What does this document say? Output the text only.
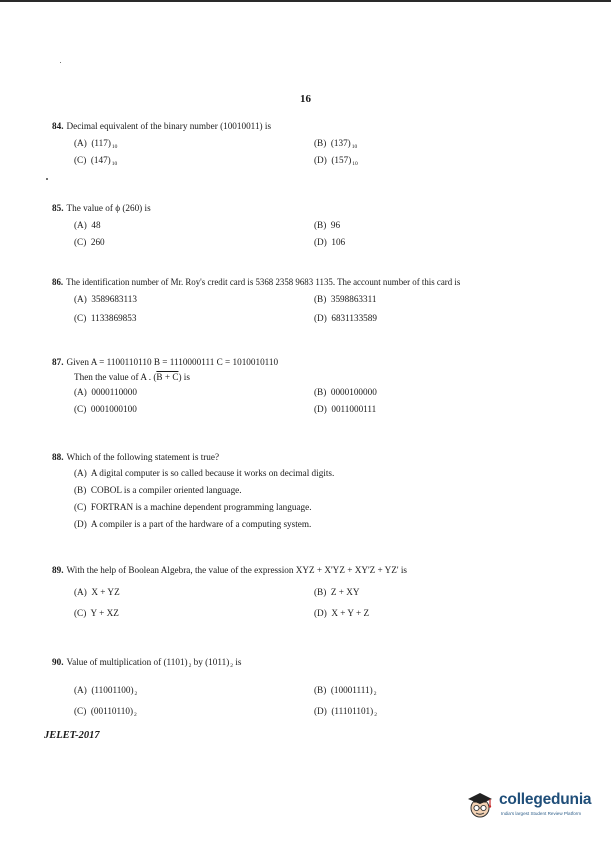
16
84. Decimal equivalent of the binary number (10010011) is
(A) $(117)_{10}$	(B) $(137)_{10}$
(C) $(147)_{10}$	(D) $(157)_{10}$
85. The value of ϕ (260) is
(A) 48	(B) 96
(C) 260	(D) 106
86. The identification number of Mr. Roy's credit card is 5368 2358 9683 1135. The account number of this card is
(A) 3589683113	(B) 3598863311
(C) 1133869853	(D) 6831133589
87. Given A = 1100110110 B = 1110000111 C = 1010010110
Then the value of A . (B + C) is
(A) 0000110000	(B) 0000100000
(C) 0001000100	(D) 0011000111
88. Which of the following statement is true?
(A) A digital computer is so called because it works on decimal digits.
(B) COBOL is a compiler oriented language.
(C) FORTRAN is a machine dependent programming language.
(D) A compiler is a part of the hardware of a computing system.
89. With the help of Boolean Algebra, the value of the expression XYZ + X'YZ + XY'Z + YZ' is
(A) X + YZ	(B) Z + XY
(C) Y + XZ	(D) X + Y + Z
90. Value of multiplication of $(1101)_2$ by $(1011)_2$ is
(A) $(11001100)_2$	(B) $(10001111)_2$
(C) $(00110110)_2$	(D) $(11101101)_2$
JELET-2017
collegedunia
India's largest Student Review Platform
